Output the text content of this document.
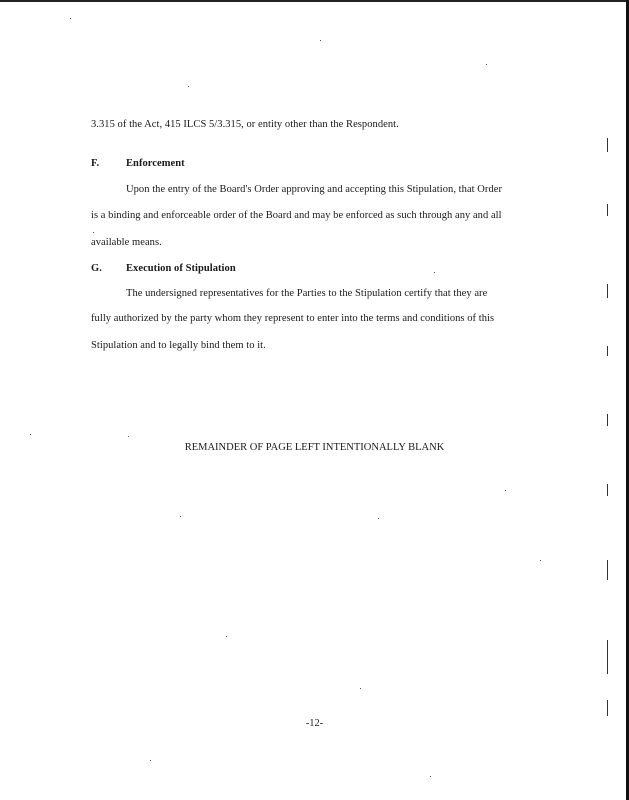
3.315 of the Act, 415 ILCS 5/3.315, or entity other than the Respondent.
F.	Enforcement
Upon the entry of the Board's Order approving and accepting this Stipulation, that Order
is a binding and enforceable order of the Board and may be enforced as such through any and all
available means.
G. Execution of Stipulation
The undersigned representatives for the Parties to the Stipulation certify that they are
fully authorized by the party whom they represent to enter into the terms and conditions of this
Stipulation and to legally bind them to it.
REMAINDER OF PAGE LEFT INTENTIONALLY BLANK
-12-
